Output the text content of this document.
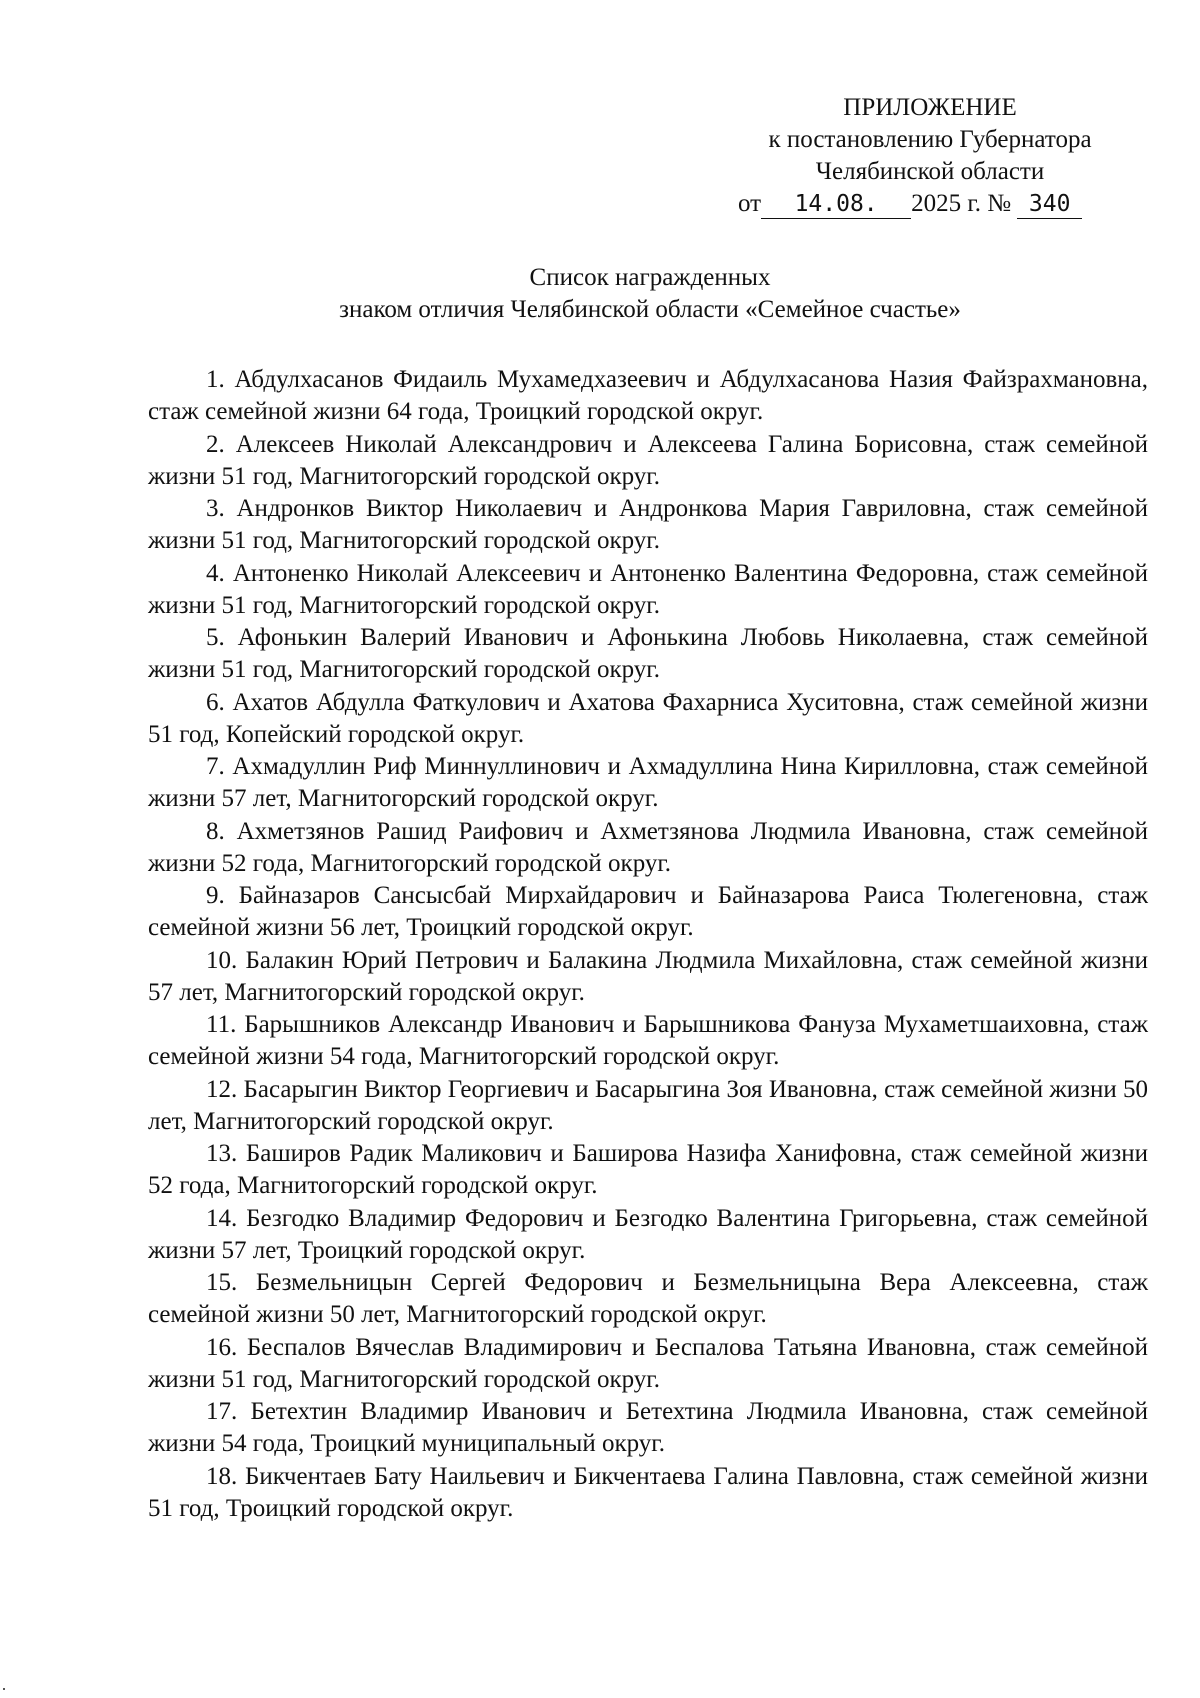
ПРИЛОЖЕНИЕ
к постановлению Губернатора
Челябинской области
от 14.08. 2025 г. № 340
Список награжденных
знаком отличия Челябинской области «Семейное счастье»

1. Абдулхасанов Фидаиль Мухамедхазеевич и Абдулхасанова Назия Файзрахмановна, стаж семейной жизни 64 года, Троицкий городской округ.

2. Алексеев Николай Александрович и Алексеева Галина Борисовна, стаж семейной жизни 51 год, Магнитогорский городской округ.

3. Андронков Виктор Николаевич и Андронкова Мария Гавриловна, стаж семейной жизни 51 год, Магнитогорский городской округ.

4. Антоненко Николай Алексеевич и Антоненко Валентина Федоровна, стаж семейной жизни 51 год, Магнитогорский городской округ.

5. Афонькин Валерий Иванович и Афонькина Любовь Николаевна, стаж семейной жизни 51 год, Магнитогорский городской округ.

6. Ахатов Абдулла Фаткулович и Ахатова Фахарниса Хуситовна, стаж семейной жизни 51 год, Копейский городской округ.

7. Ахмадуллин Риф Миннуллинович и Ахмадуллина Нина Кирилловна, стаж семейной жизни 57 лет, Магнитогорский городской округ.

8. Ахметзянов Рашид Раифович и Ахметзянова Людмила Ивановна, стаж семейной жизни 52 года, Магнитогорский городской округ.

9. Байназаров Сансысбай Мирхайдарович и Байназарова Раиса Тюлегеновна, стаж семейной жизни 56 лет, Троицкий городской округ.

10. Балакин Юрий Петрович и Балакина Людмила Михайловна, стаж семейной жизни 57 лет, Магнитогорский городской округ.

11. Барышников Александр Иванович и Барышникова Фануза Мухаметшаиховна, стаж семейной жизни 54 года, Магнитогорский городской округ.

12. Басарыгин Виктор Георгиевич и Басарыгина Зоя Ивановна, стаж семейной жизни 50 лет, Магнитогорский городской округ.

13. Баширов Радик Маликович и Баширова Назифа Ханифовна, стаж семейной жизни 52 года, Магнитогорский городской округ.

14. Безгодко Владимир Федорович и Безгодко Валентина Григорьевна, стаж семейной жизни 57 лет, Троицкий городской округ.

15. Безмельницын Сергей Федорович и Безмельницына Вера Алексеевна, стаж семейной жизни 50 лет, Магнитогорский городской округ.

16. Беспалов Вячеслав Владимирович и Беспалова Татьяна Ивановна, стаж семейной жизни 51 год, Магнитогорский городской округ.

17. Бетехтин Владимир Иванович и Бетехтина Людмила Ивановна, стаж семейной жизни 54 года, Троицкий муниципальный округ.

18. Бикчентаев Бату Наильевич и Бикчентаева Галина Павловна, стаж семейной жизни 51 год, Троицкий городской округ.
